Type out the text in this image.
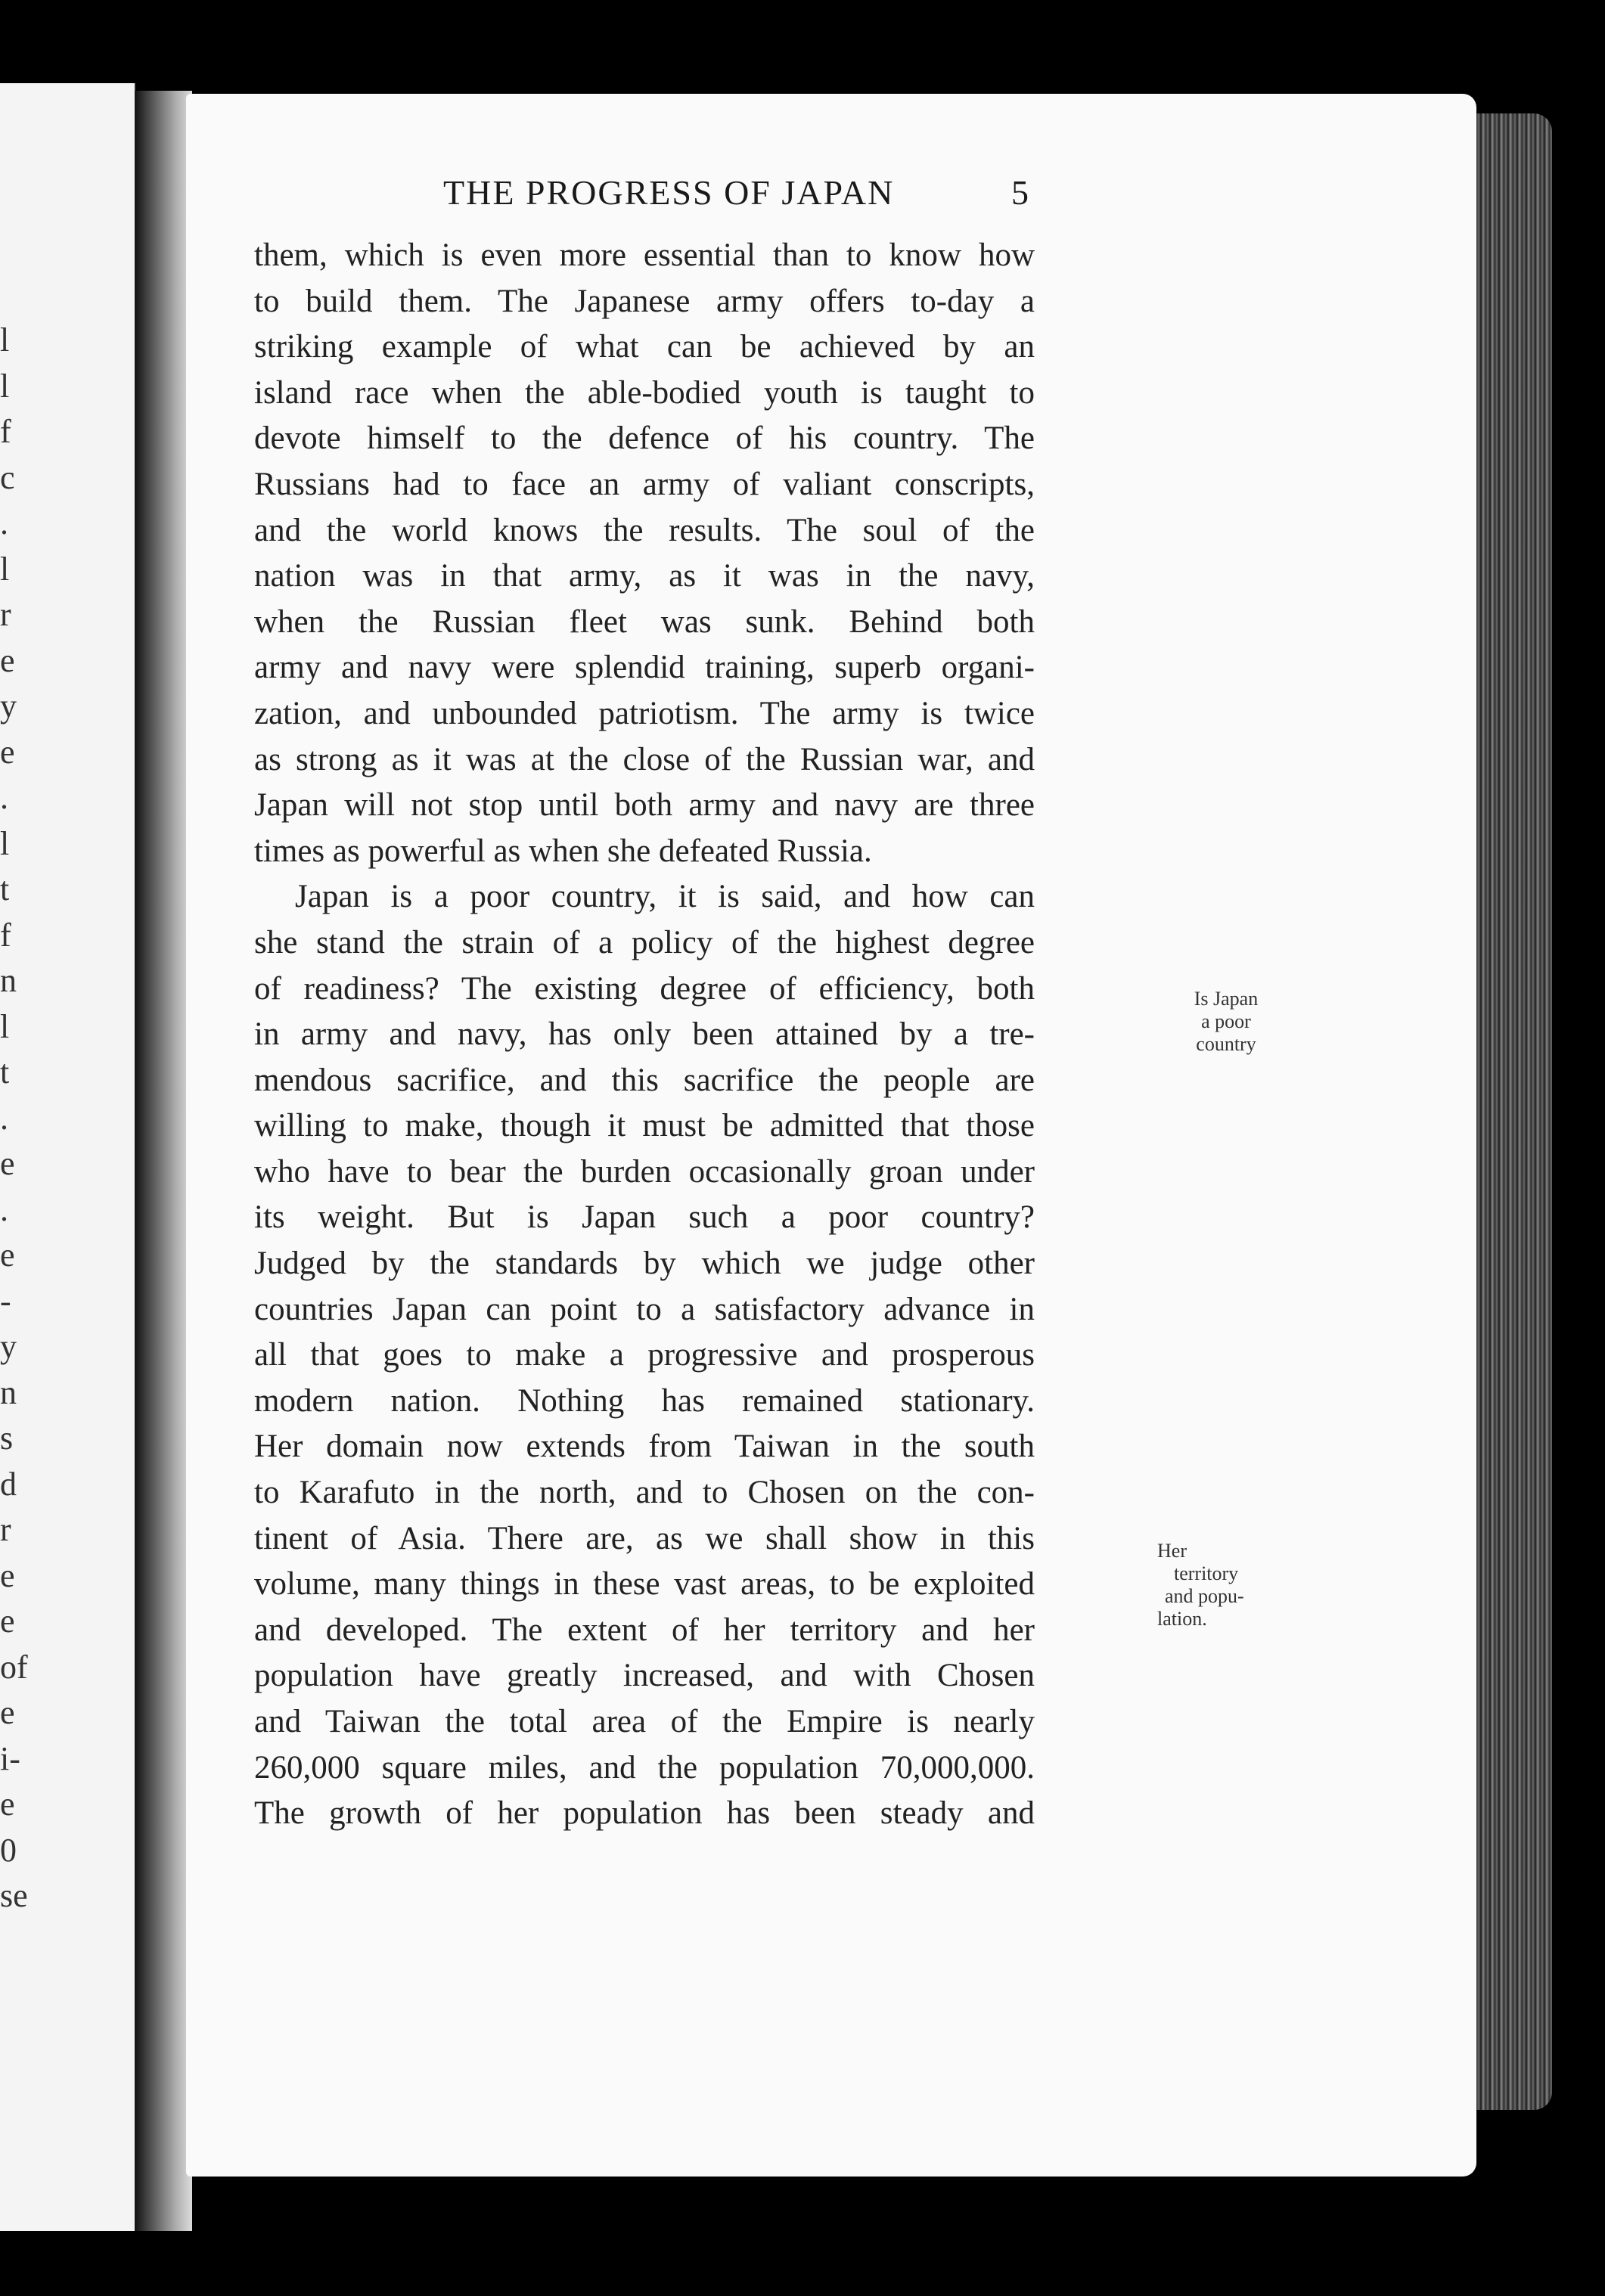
l
l
f
c
.
l
r
e
y
e
.
l
t
f
n
l
t
.
e
.
e
-
y
n
s
d
r
e
e
of
e
i-
e
0
se
THE PROGRESS OF JAPAN	5
them, which is even more essential than to know how
to build them. The Japanese army offers to-day a
striking example of what can be achieved by an
island race when the able-bodied youth is taught to
devote himself to the defence of his country. The
Russians had to face an army of valiant conscripts,
and the world knows the results. The soul of the
nation was in that army, as it was in the navy,
when the Russian fleet was sunk. Behind both
army and navy were splendid training, superb organi-
zation, and unbounded patriotism. The army is twice
as strong as it was at the close of the Russian war, and
Japan will not stop until both army and navy are three
times as powerful as when she defeated Russia.
Japan is a poor country, it is said, and how can
she stand the strain of a policy of the highest degree
of readiness? The existing degree of efficiency, both
in army and navy, has only been attained by a tre-
mendous sacrifice, and this sacrifice the people are
willing to make, though it must be admitted that those
who have to bear the burden occasionally groan under
its weight. But is Japan such a poor country?
Judged by the standards by which we judge other
countries Japan can point to a satisfactory advance in
all that goes to make a progressive and prosperous
modern nation. Nothing has remained stationary.
Her domain now extends from Taiwan in the south
to Karafuto in the north, and to Chosen on the con-
tinent of Asia. There are, as we shall show in this
volume, many things in these vast areas, to be exploited
and developed. The extent of her territory and her
population have greatly increased, and with Chosen
and Taiwan the total area of the Empire is nearly
260,000 square miles, and the population 70,000,000.
The growth of her population has been steady and
Is Japan
a poor
country
Her
territory
and popu-
lation.
